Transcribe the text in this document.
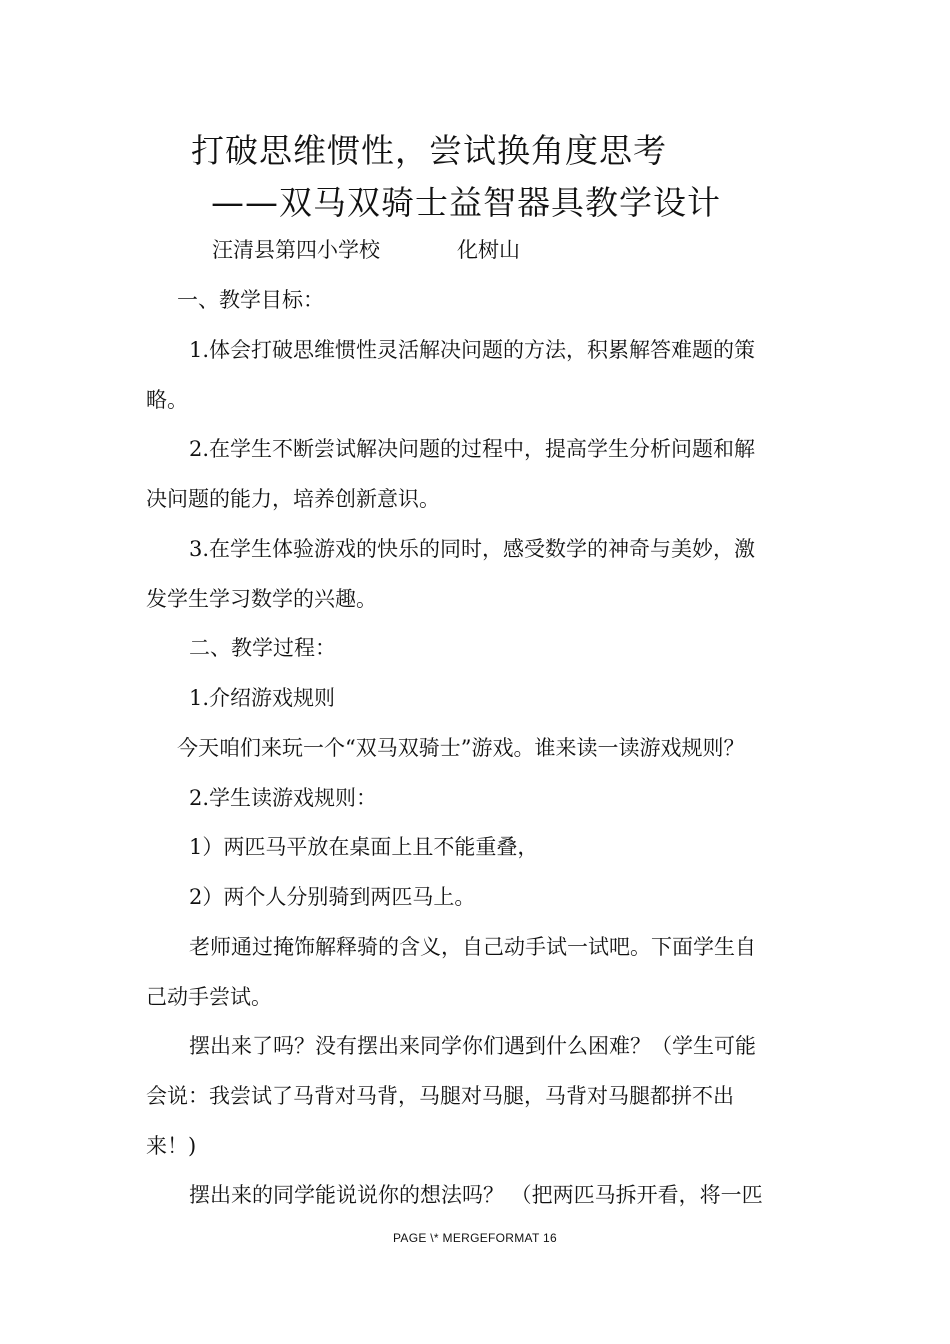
打破思维惯性，尝试换角度思考
——双马双骑士益智器具教学设计
汪清县第四小学校	化树山
一、教学目标：
1.体会打破思维惯性灵活解决问题的方法，积累解答难题的策
略。
2.在学生不断尝试解决问题的过程中，提高学生分析问题和解
决问题的能力，培养创新意识。
3.在学生体验游戏的快乐的同时，感受数学的神奇与美妙，激
发学生学习数学的兴趣。
二、教学过程：
1.介绍游戏规则
今天咱们来玩一个“双马双骑士”游戏。谁来读一读游戏规则？
2.学生读游戏规则：
1）两匹马平放在桌面上且不能重叠，
2）两个人分别骑到两匹马上。
老师通过掩饰解释骑的含义，自己动手试一试吧。下面学生自
己动手尝试。
摆出来了吗？没有摆出来同学你们遇到什么困难？（学生可能
会说：我尝试了马背对马背，马腿对马腿，马背对马腿都拼不出
来！)
摆出来的同学能说说你的想法吗？ （把两匹马拆开看，将一匹
PAGE \* MERGEFORMAT 16
